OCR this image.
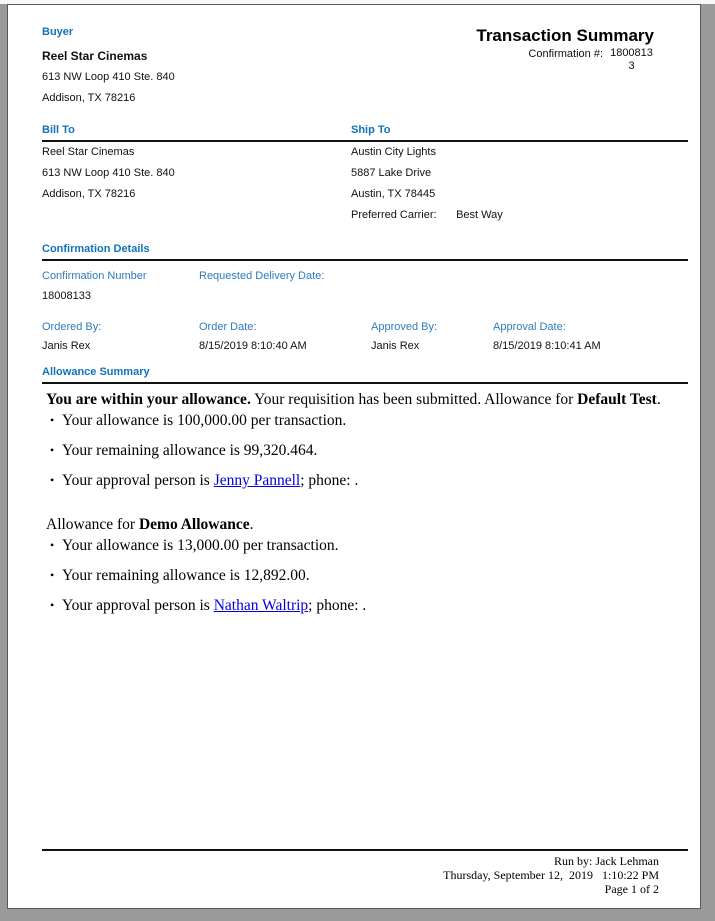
Buyer
Reel Star Cinemas
613 NW Loop 410 Ste. 840
Addison, TX 78216
Transaction Summary
Confirmation #: 18008133
Bill To	Ship To
Reel Star Cinemas
613 NW Loop 410 Ste. 840
Addison, TX 78216
Austin City Lights
5887 Lake Drive
Austin, TX 78445
Preferred Carrier: Best Way
Confirmation Details
Confirmation Number
18008133
Requested Delivery Date:
Ordered By:
Janis Rex
Order Date:
8/15/2019 8:10:40 AM
Approved By:
Janis Rex
Approval Date:
8/15/2019 8:10:41 AM
Allowance Summary
You are within your allowance. Your requisition has been submitted. Allowance for Default Test.
• Your allowance is 100,000.00 per transaction.
• Your remaining allowance is 99,320.464.
• Your approval person is Jenny Pannell; phone: .
Allowance for Demo Allowance.
• Your allowance is 13,000.00 per transaction.
• Your remaining allowance is 12,892.00.
• Your approval person is Nathan Waltrip; phone: .
Run by: Jack Lehman
Thursday, September 12,  2019   1:10:22 PM
Page 1 of 2
